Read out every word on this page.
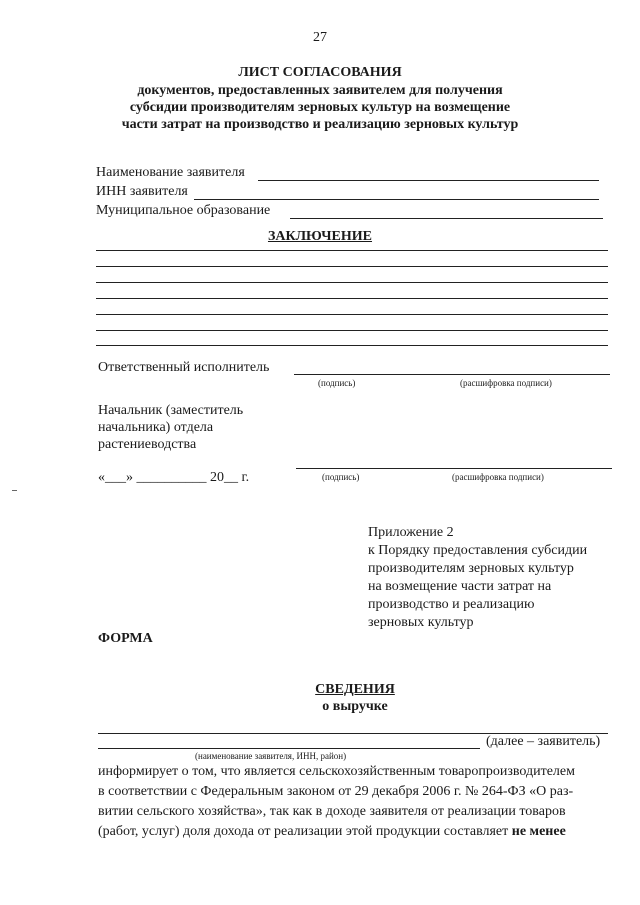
27
ЛИСТ СОГЛАСОВАНИЯ
документов, предоставленных заявителем для получения
субсидии производителям зерновых культур на возмещение
части затрат на производство и реализацию зерновых культур
Наименование заявителя
ИНН заявителя
Муниципальное образование
ЗАКЛЮЧЕНИЕ
Ответственный исполнитель
(подпись)	(расшифровка подписи)
Начальник (заместитель
начальника) отдела
растениеводства
«___» __________ 20__ г.	(подпись)	(расшифровка подписи)
Приложение 2
к Порядку предоставления субсидии
производителям зерновых культур
на возмещение части затрат на
производство и реализацию
зерновых культур
ФОРМА
СВЕДЕНИЯ
о выручке
(далее – заявитель)
(наименование заявителя, ИНН, район)
информирует о том, что является сельскохозяйственным товаропроизводителем
в соответствии с Федеральным законом от 29 декабря 2006 г. № 264-ФЗ «О раз-
витии сельского хозяйства», так как в доходе заявителя от реализации товаров
(работ, услуг) доля дохода от реализации этой продукции составляет не менее
